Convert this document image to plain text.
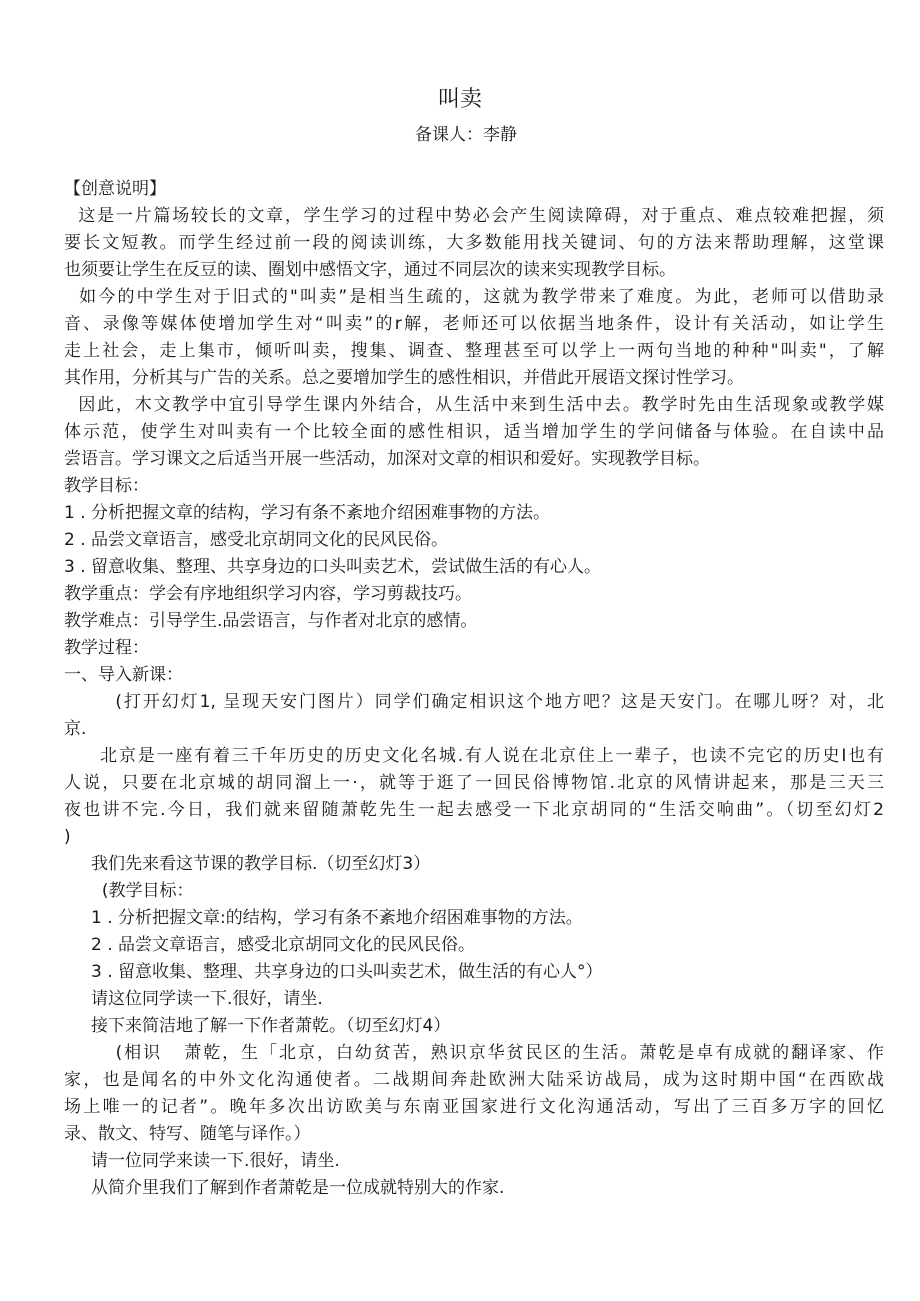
叫卖
备课人：李静
【创意说明】
这是一片篇场较长的文章，学生学习的过程中势必会产生阅读障碍，对于重点、难点较难把握，须
要长文短教。而学生经过前一段的阅读训练，大多数能用找关键词、句的方法来帮助理解，这堂课
也须要让学生在反豆的读、圈划中感悟文字，通过不同层次的读来实现教学目标。
如今的中学生对于旧式的"叫卖”是相当生疏的，这就为教学带来了难度。为此，老师可以借助录
音、录像等媒体使增加学生对“叫卖”的r解，老师还可以依据当地条件，设计有关活动，如让学生
走上社会，走上集市，倾听叫卖，搜集、调查、整理甚至可以学上一两句当地的种种"叫卖"，了解
其作用，分析其与广告的关系。总之要增加学生的感性相识，并借此开展语文探讨性学习。
因此，木文教学中宜引导学生课内外结合，从生活中来到生活中去。教学时先由生活现象或教学媒
体示范，使学生对叫卖有一个比较全面的感性相识，适当增加学生的学问储备与体验。在自读中品
尝语言。学习课文之后适当开展一些活动，加深对文章的相识和爱好。实现教学目标。
教学目标：
1 . 分析把握文章的结构，学习有条不紊地介绍困难事物的方法。
2 . 品尝文章语言，感受北京胡同文化的民风民俗。
3 . 留意收集、整理、共享身边的口头叫卖艺术，尝试做生活的有心人。
教学重点：学会有序地组织学习内容，学习剪裁技巧。
教学难点：引导学生.品尝语言，与作者对北京的感情。
教学过程：
一、导入新课：
(打开幻灯1, 呈现天安门图片）同学们确定相识这个地方吧？这是天安门。在哪儿呀？对，北
京.
北京是一座有着三千年历史的历史文化名城.有人说在北京住上一辈子，也读不完它的历史I也有
人说，只要在北京城的胡同溜上一·，就等于逛了一回民俗博物馆.北京的风情讲起来，那是三天三
夜也讲不完.今日，我们就来留随萧乾先生一起去感受一下北京胡同的“生活交响曲”。（切至幻灯2
)
我们先来看这节课的教学目标.（切至幻灯3）
(教学目标：
1 . 分析把握文章:的结构，学习有条不紊地介绍困难事物的方法。
2 . 品尝文章语言，感受北京胡同文化的民风民俗。
3 . 留意收集、整理、共享身边的口头叫卖艺术，做生活的有心人°）
请这位同学读一下.很好，请坐.
接下来简洁地了解一下作者萧乾。（切至幻灯4）
(相识   萧乾，生「北京，白幼贫苦，熟识京华贫民区的生活。萧乾是卓有成就的翻译家、作
家，也是闻名的中外文化沟通使者。二战期间奔赴欧洲大陆采访战局，成为这时期中国“在西欧战
场上唯一的记者”。晚年多次出访欧美与东南亚国家进行文化沟通活动，写出了三百多万字的回忆
录、散文、特写、随笔与译作。）
请一位同学来读一下.很好，请坐.
从简介里我们了解到作者萧乾是一位成就特别大的作家.
